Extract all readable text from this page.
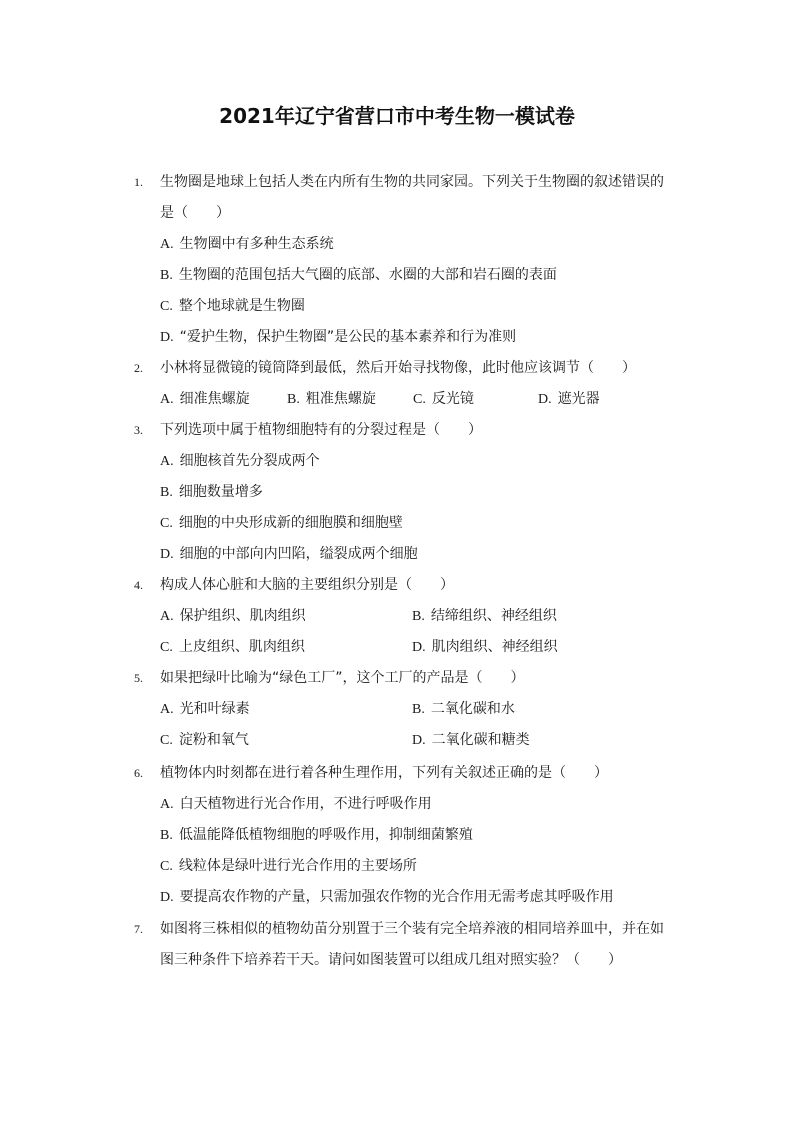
2021年辽宁省营口市中考生物一模试卷
1. 生物圈是地球上包括人类在内所有生物的共同家园。下列关于生物圈的叙述错误的
是（　　）
A. 生物圈中有多种生态系统
B. 生物圈的范围包括大气圈的底部、水圈的大部和岩石圈的表面
C. 整个地球就是生物圈
D. “爱护生物，保护生物圈”是公民的基本素养和行为准则
2. 小林将显微镜的镜筒降到最低，然后开始寻找物像，此时他应该调节（　　）
A. 细准焦螺旋	B. 粗准焦螺旋	C. 反光镜	D. 遮光器
3. 下列选项中属于植物细胞特有的分裂过程是（　　）
A. 细胞核首先分裂成两个
B. 细胞数量增多
C. 细胞的中央形成新的细胞膜和细胞壁
D. 细胞的中部向内凹陷，缢裂成两个细胞
4. 构成人体心脏和大脑的主要组织分别是（　　）
A. 保护组织、肌肉组织	B. 结缔组织、神经组织
C. 上皮组织、肌肉组织	D. 肌肉组织、神经组织
5. 如果把绿叶比喻为“绿色工厂”，这个工厂的产品是（　　）
A. 光和叶绿素	B. 二氧化碳和水
C. 淀粉和氧气	D. 二氧化碳和糖类
6. 植物体内时刻都在进行着各种生理作用，下列有关叙述正确的是（　　）
A. 白天植物进行光合作用，不进行呼吸作用
B. 低温能降低植物细胞的呼吸作用，抑制细菌繁殖
C. 线粒体是绿叶进行光合作用的主要场所
D. 要提高农作物的产量，只需加强农作物的光合作用无需考虑其呼吸作用
7. 如图将三株相似的植物幼苗分别置于三个装有完全培养液的相同培养皿中，并在如
图三种条件下培养若干天。请问如图装置可以组成几组对照实验？（　　）
